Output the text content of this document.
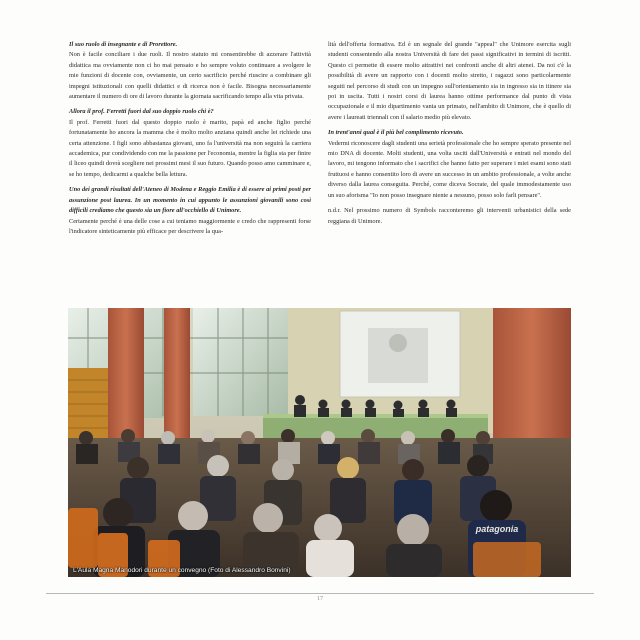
Il suo ruolo di insegnante e di Prorettore.

Non è facile conciliare i due ruoli. Il nostro statuto mi consentirebbe di azzerare l'attività didattica ma ovviamente non ci ho mai pensato e ho sempre voluto continuare a svolgere le mie funzioni di docente con, ovviamente, un certo sacrificio perché riuscire a combinare gli impegni istituzionali con quelli didattici e di ricerca non è facile. Bisogna necessariamente aumentare il numero di ore di lavoro durante la giornata sacrificando tempo alla vita privata.

Allora il prof. Ferretti fuori dal suo doppio ruolo chi è?

Il prof. Ferretti fuori dal questo doppio ruolo è marito, papà ed anche figlio perché fortunatamente ho ancora la mamma che è molto molto anziana quindi anche lei richiede una certa attenzione. I figli sono abbastanza giovani, uno fa l'università ma non seguirà la carriera accademica, pur condividendo con me la passione per l'economia, mentre la figlia sta per finire il liceo quindi dovrà scegliere nei prossimi mesi il suo futuro. Quando posso amo camminare e, se ho tempo, dedicarmi a qualche bella lettura.

Uno dei grandi risultati dell'Ateneo di Modena e Reggio Emilia è di essere ai primi posti per assunzione post laurea. In un momento in cui appunto le assunzioni giovanili sono così difficili crediamo che questo sia un fiore all'occhiello di Unimore.

Certamente perché è una delle cose a cui teniamo maggiormente e credo che rappresenti forse l'indicatore sinteticamente più efficace per descrivere la qua-

lità dell'offerta formativa. Ed è un segnale del grande "appeal" che Unimore esercita sugli studenti consentendo alla nostra Università di fare dei passi significativi in termini di iscritti. Questo ci permette di essere molto attrattivi nei confronti anche di altri atenei. Da noi c'è la possibilità di avere un rapporto con i docenti molto stretto, i ragazzi sono particolarmente seguiti nel percorso di studi con un impegno sull'orientamento sia in ingresso sia in itinere sia poi in uscita. Tutti i nostri corsi di laurea hanno ottime performance dal punto di vista occupazionale e il mio dipartimento vanta un primato, nell'ambito di Unimore, che è quello di avere i laureati triennali con il salario medio più elevato.

In trent'anni qual è il più bel complimento ricevuto.

Vedermi riconoscere dagli studenti una serietà professionale che ho sempre sperato presente nel mio DNA di docente. Molti studenti, una volta usciti dall'Università e entrati nel mondo del lavoro, mi tengono informato che i sacrifici che hanno fatto per superare i miei esami sono stati fruttuosi e hanno consentito loro di avere un successo in un ambito professionale, a volte anche diverso dalla laurea conseguita. Perché, come diceva Socrate, del quale immodestamente uso un suo aforisma "Io non posso insegnare niente a nessuno, posso solo farli pensare".

n.d.r. Nel prossimo numero di Symbols racconteremo gli interventi urbanistici della sede reggiana di Unimore.

patagonia
L'Aula Magna Manodori durante un convegno (Foto di Alessandro Bonvini)
17
